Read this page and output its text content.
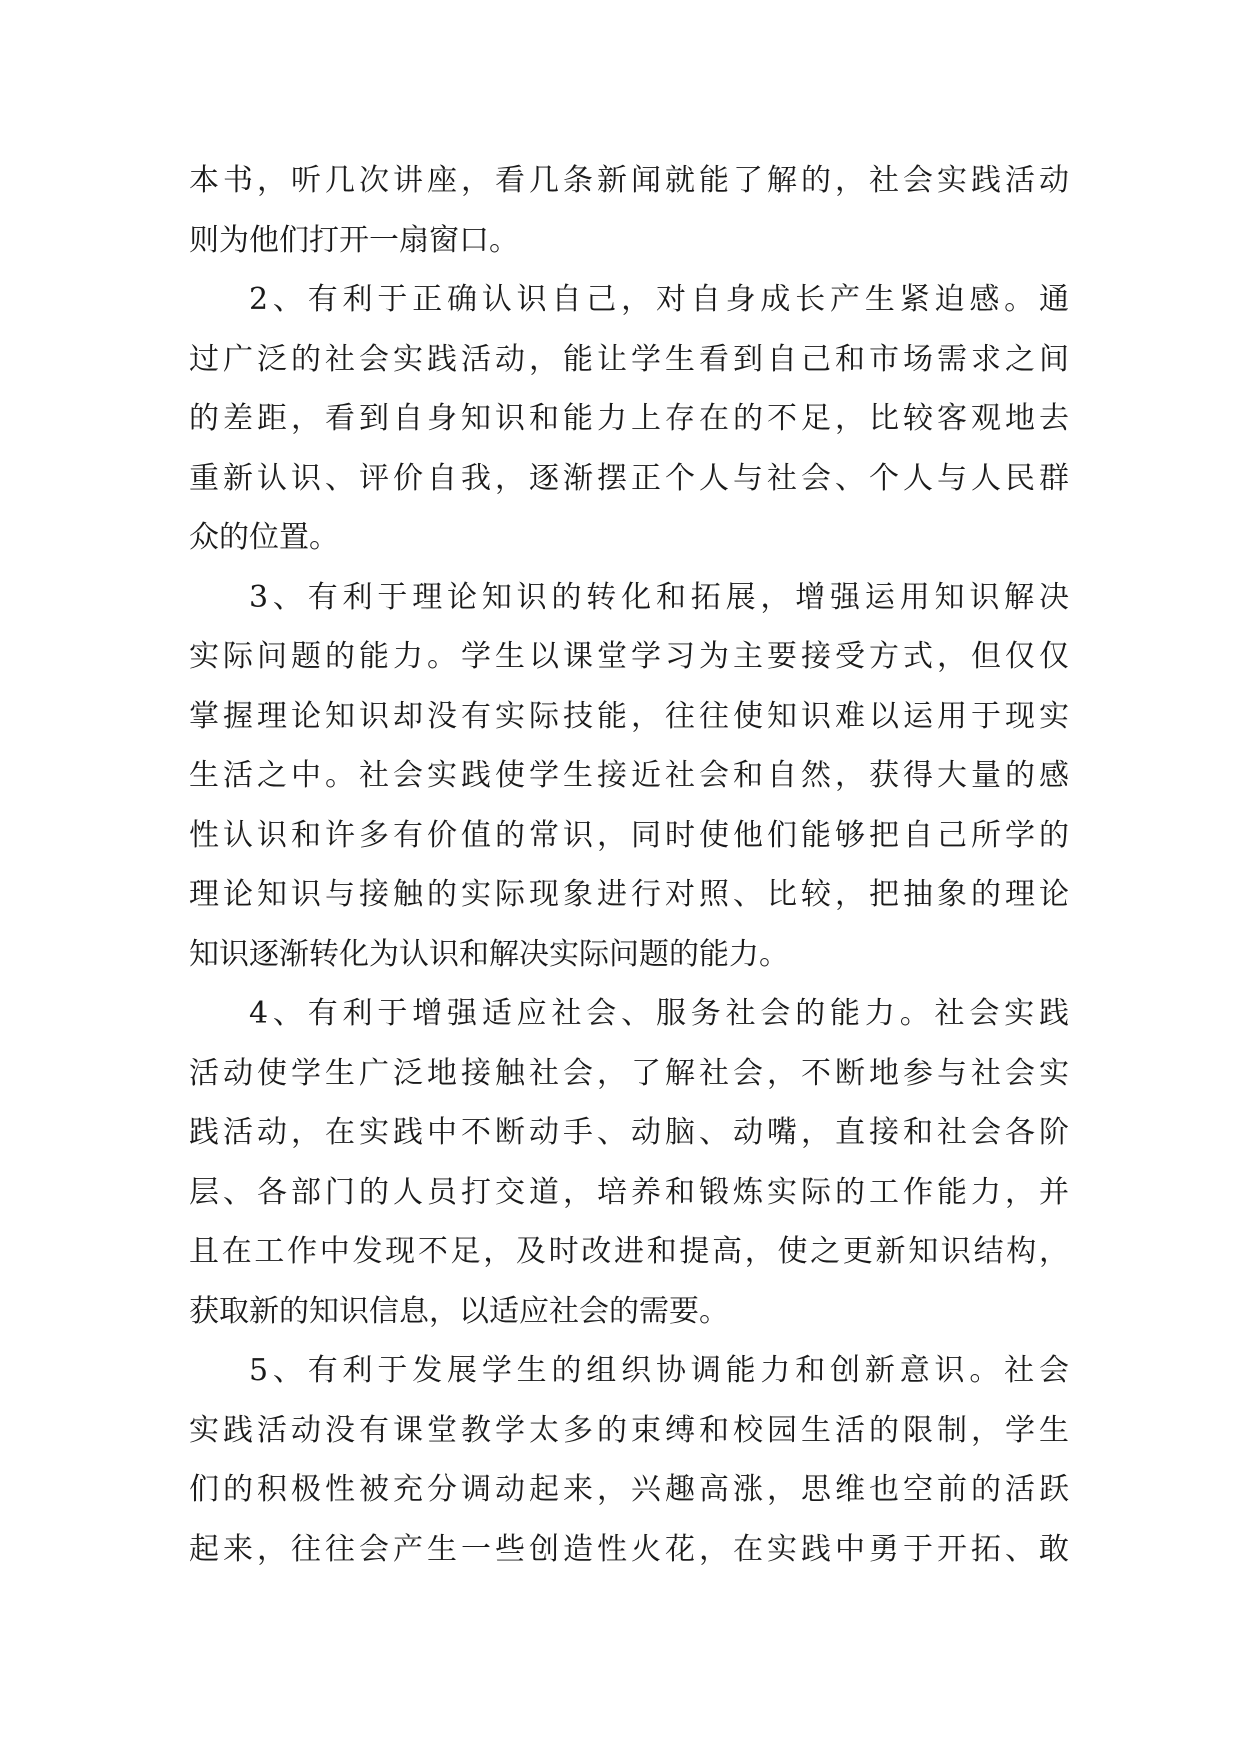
本书，听几次讲座，看几条新闻就能了解的，社会实践活动
则为他们打开一扇窗口。
2、有利于正确认识自己，对自身成长产生紧迫感。通
过广泛的社会实践活动，能让学生看到自己和市场需求之间
的差距，看到自身知识和能力上存在的不足，比较客观地去
重新认识、评价自我，逐渐摆正个人与社会、个人与人民群
众的位置。
3、有利于理论知识的转化和拓展，增强运用知识解决
实际问题的能力。学生以课堂学习为主要接受方式，但仅仅
掌握理论知识却没有实际技能，往往使知识难以运用于现实
生活之中。社会实践使学生接近社会和自然，获得大量的感
性认识和许多有价值的常识，同时使他们能够把自己所学的
理论知识与接触的实际现象进行对照、比较，把抽象的理论
知识逐渐转化为认识和解决实际问题的能力。
4、有利于增强适应社会、服务社会的能力。社会实践
活动使学生广泛地接触社会，了解社会，不断地参与社会实
践活动，在实践中不断动手、动脑、动嘴，直接和社会各阶
层、各部门的人员打交道，培养和锻炼实际的工作能力，并
且在工作中发现不足，及时改进和提高，使之更新知识结构，
获取新的知识信息，以适应社会的需要。
5、有利于发展学生的组织协调能力和创新意识。社会
实践活动没有课堂教学太多的束缚和校园生活的限制，学生
们的积极性被充分调动起来，兴趣高涨，思维也空前的活跃
起来，往往会产生一些创造性火花，在实践中勇于开拓、敢
